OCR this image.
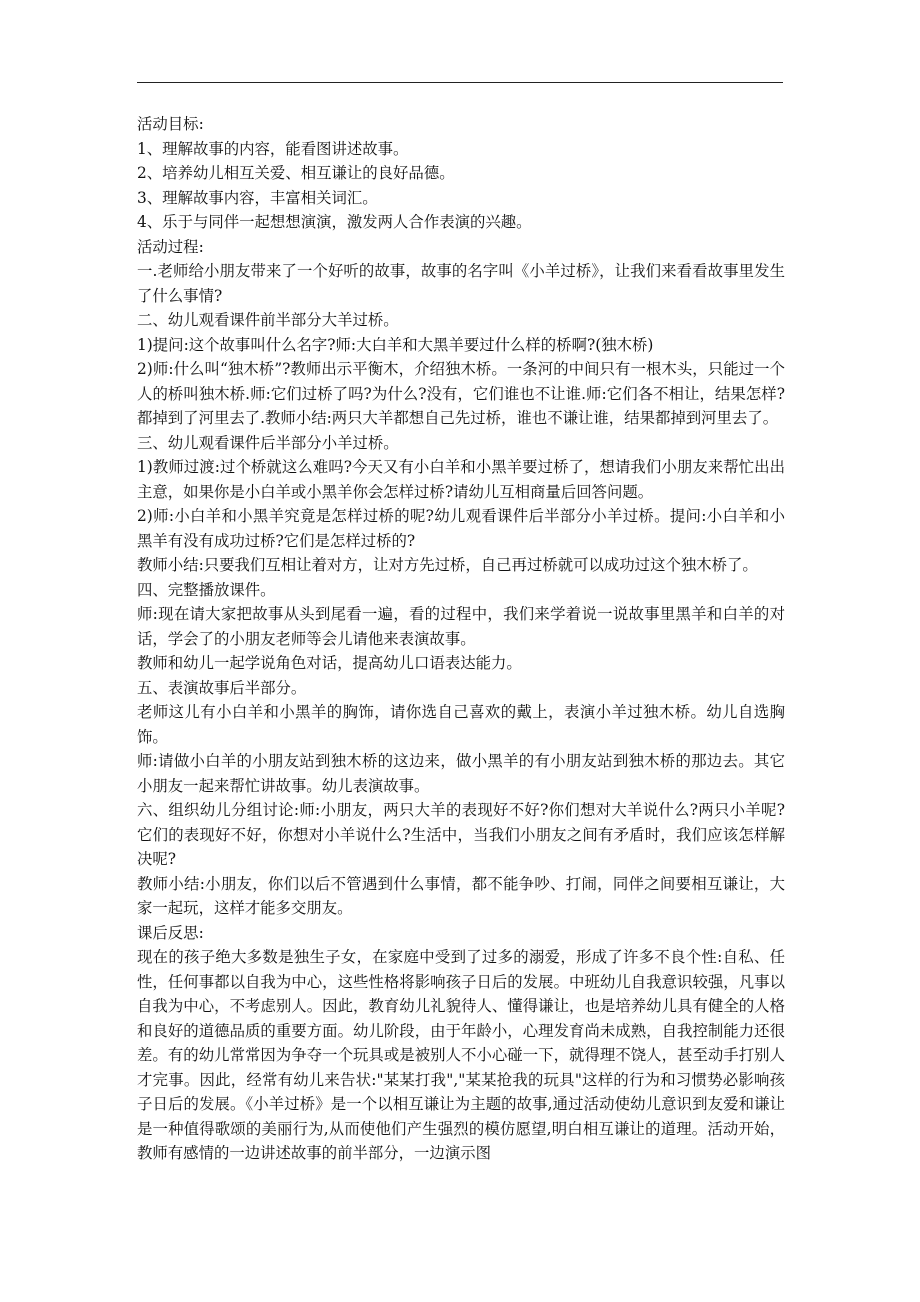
活动目标:

1、理解故事的内容，能看图讲述故事。

2、培养幼儿相互关爱、相互谦让的良好品德。

3、理解故事内容，丰富相关词汇。

4、乐于与同伴一起想想演演，激发两人合作表演的兴趣。

活动过程:

一.老师给小朋友带来了一个好听的故事，故事的名字叫《小羊过桥》，让我们来看看故事里发生了什么事情?

二、幼儿观看课件前半部分大羊过桥。

1)提问:这个故事叫什么名字?师:大白羊和大黑羊要过什么样的桥啊?(独木桥)

2)师:什么叫“独木桥”?教师出示平衡木，介绍独木桥。一条河的中间只有一根木头，只能过一个人的桥叫独木桥.师:它们过桥了吗?为什么?没有，它们谁也不让谁.师:它们各不相让，结果怎样?都掉到了河里去了.教师小结:两只大羊都想自己先过桥，谁也不谦让谁，结果都掉到河里去了。

三、幼儿观看课件后半部分小羊过桥。

1)教师过渡:过个桥就这么难吗?今天又有小白羊和小黑羊要过桥了，想请我们小朋友来帮忙出出主意，如果你是小白羊或小黑羊你会怎样过桥?请幼儿互相商量后回答问题。

2)师:小白羊和小黑羊究竟是怎样过桥的呢?幼儿观看课件后半部分小羊过桥。提问:小白羊和小黑羊有没有成功过桥?它们是怎样过桥的?

教师小结:只要我们互相让着对方，让对方先过桥，自己再过桥就可以成功过这个独木桥了。

四、完整播放课件。

师:现在请大家把故事从头到尾看一遍，看的过程中，我们来学着说一说故事里黑羊和白羊的对话，学会了的小朋友老师等会儿请他来表演故事。

教师和幼儿一起学说角色对话，提高幼儿口语表达能力。

五、表演故事后半部分。

老师这儿有小白羊和小黑羊的胸饰，请你选自己喜欢的戴上，表演小羊过独木桥。幼儿自选胸饰。

师:请做小白羊的小朋友站到独木桥的这边来，做小黑羊的有小朋友站到独木桥的那边去。其它小朋友一起来帮忙讲故事。幼儿表演故事。

六、组织幼儿分组讨论:师:小朋友，两只大羊的表现好不好?你们想对大羊说什么?两只小羊呢?它们的表现好不好，你想对小羊说什么?生活中，当我们小朋友之间有矛盾时，我们应该怎样解决呢?

教师小结:小朋友，你们以后不管遇到什么事情，都不能争吵、打闹，同伴之间要相互谦让，大家一起玩，这样才能多交朋友。

课后反思:

现在的孩子绝大多数是独生子女，在家庭中受到了过多的溺爱，形成了许多不良个性:自私、任性，任何事都以自我为中心，这些性格将影响孩子日后的发展。中班幼儿自我意识较强，凡事以自我为中心，不考虑别人。因此，教育幼儿礼貌待人、懂得谦让，也是培养幼儿具有健全的人格和良好的道德品质的重要方面。幼儿阶段，由于年龄小，心理发育尚未成熟，自我控制能力还很差。有的幼儿常常因为争夺一个玩具或是被别人不小心碰一下，就得理不饶人，甚至动手打别人才完事。因此，经常有幼儿来告状:"某某打我","某某抢我的玩具"这样的行为和习惯势必影响孩子日后的发展。《小羊过桥》是一个以相互谦让为主题的故事,通过活动使幼儿意识到友爱和谦让是一种值得歌颂的美丽行为,从而使他们产生强烈的模仿愿望,明白相互谦让的道理。活动开始，教师有感情的一边讲述故事的前半部分，一边演示图
